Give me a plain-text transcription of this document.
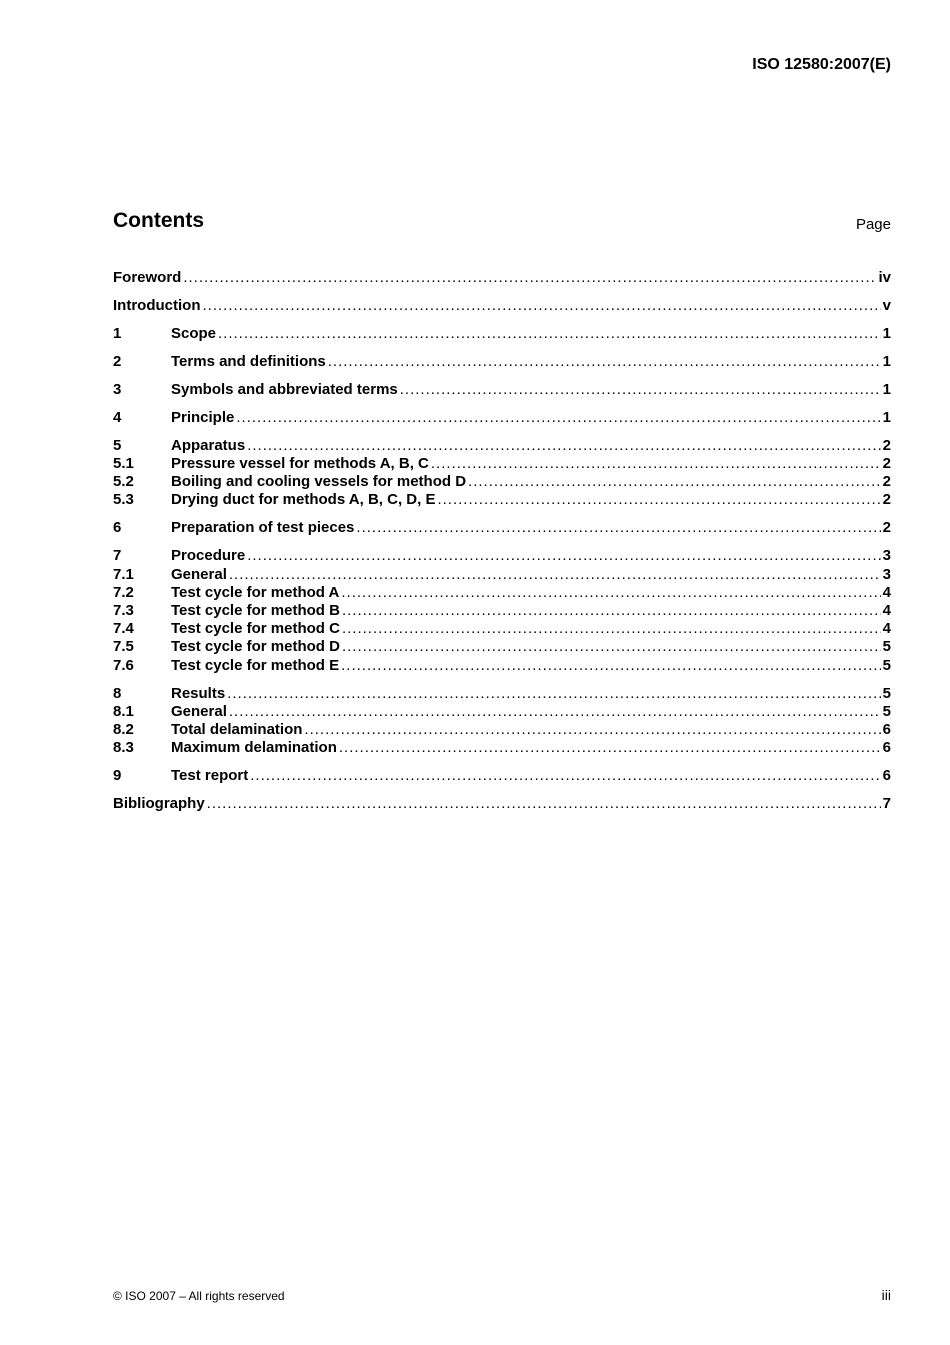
ISO 12580:2007(E)
Contents	Page
Foreword .....	iv
Introduction .....	v
1	Scope .....	1
2	Terms and definitions .....	1
3	Symbols and abbreviated terms .....	1
4	Principle .....	1
5	Apparatus .....	2
5.1	Pressure vessel for methods A, B, C .....	2
5.2	Boiling and cooling vessels for method D .....	2
5.3	Drying duct for methods A, B, C, D, E .....	2
6	Preparation of test pieces .....	2
7	Procedure .....	3
7.1	General .....	3
7.2	Test cycle for method A .....	4
7.3	Test cycle for method B .....	4
7.4	Test cycle for method C .....	4
7.5	Test cycle for method D .....	5
7.6	Test cycle for method E .....	5
8	Results .....	5
8.1	General .....	5
8.2	Total delamination .....	6
8.3	Maximum delamination .....	6
9	Test report .....	6
Bibliography .....	7
© ISO 2007 – All rights reserved	iii
